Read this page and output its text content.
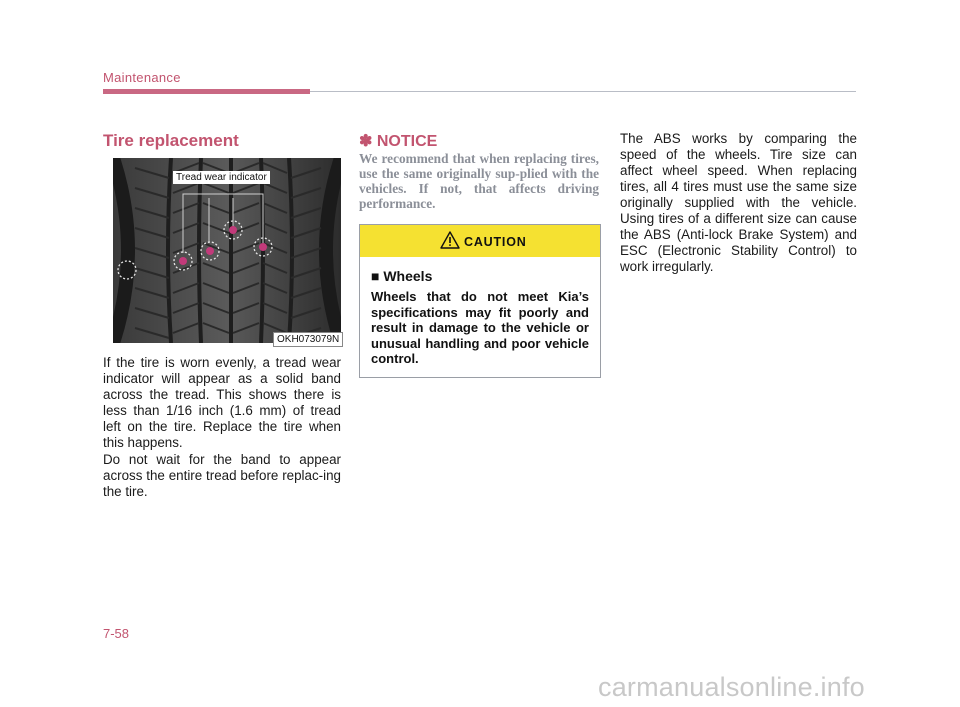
Maintenance
Tire replacement
Tread wear indicator
OKH073079N
If the tire is worn evenly, a tread wear indicator will appear as a solid band across the tread. This shows there is less than 1/16 inch (1.6 mm) of tread left on the tire. Replace the tire when this happens.
Do not wait for the band to appear across the entire tread before replac-ing the tire.
✽ NOTICE
We recommend that when replacing tires, use the same originally sup-plied with the vehicles. If not, that affects driving performance.
CAUTION
■ Wheels
Wheels that do not meet Kia’s specifications may fit poorly and result in damage to the vehicle or unusual handling and poor vehicle control.
The ABS works by comparing the speed of the wheels. Tire size can affect wheel speed. When replacing tires, all 4 tires must use the same size originally supplied with the vehicle. Using tires of a different size can cause the ABS (Anti-lock Brake System) and ESC (Electronic Stability Control) to work irregularly.
7-58
carmanualsonline.info
